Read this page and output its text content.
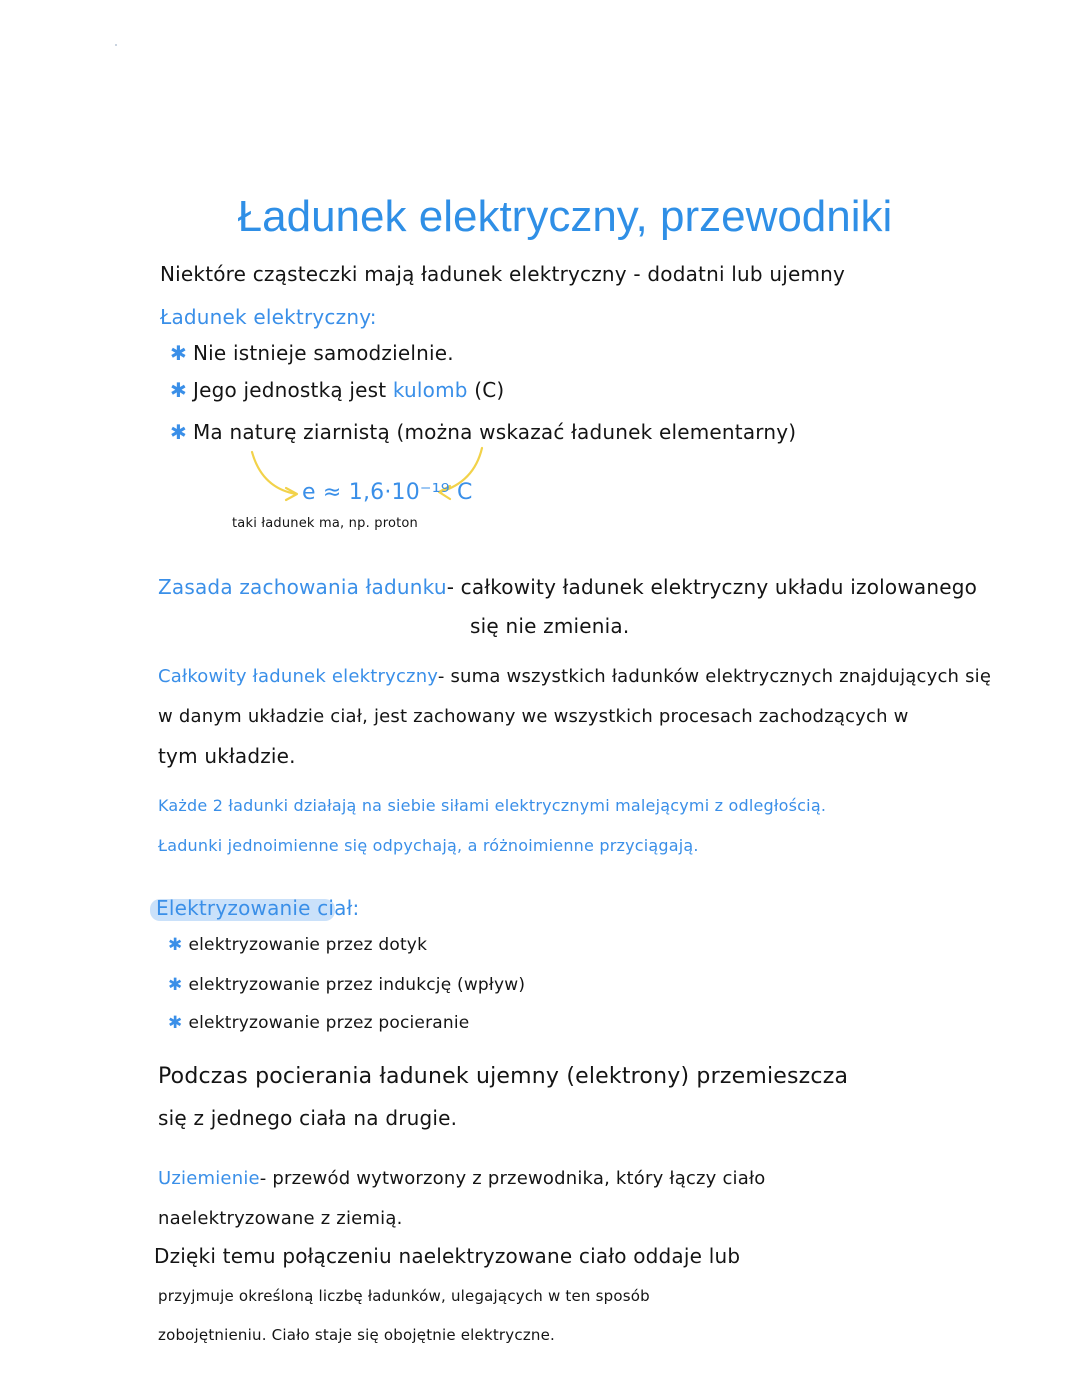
Ładunek elektryczny, przewodniki
Niektóre cząsteczki mają ładunek elektryczny - dodatni lub ujemny
Ładunek elektryczny:
✱ Nie istnieje samodzielnie.
✱ Jego jednostką jest kulomb (C)
✱ Ma naturę ziarnistą (można wskazać ładunek elementarny)
e ≈ 1,6·10⁻¹⁹ C
taki ładunek ma, np. proton
Zasada zachowania ładunku- całkowity ładunek elektryczny układu izolowanego
się nie zmienia.
Całkowity ładunek elektryczny- suma wszystkich ładunków elektrycznych znajdujących się
w danym układzie ciał, jest zachowany we wszystkich procesach zachodzących w
tym układzie.
Każde 2 ładunki działają na siebie siłami elektrycznymi malejącymi z odległością.
Ładunki jednoimienne się odpychają, a różnoimienne przyciągają.
Elektryzowanie ciał:
✱ elektryzowanie przez dotyk
✱ elektryzowanie przez indukcję (wpływ)
✱ elektryzowanie przez pocieranie
Podczas pocierania ładunek ujemny (elektrony) przemieszcza
się z jednego ciała na drugie.
Uziemienie- przewód wytworzony z przewodnika, który łączy ciało
naelektryzowane z ziemią.
Dzięki temu połączeniu naelektryzowane ciało oddaje lub
przyjmuje określoną liczbę ładunków, ulegających w ten sposób
zobojętnieniu. Ciało staje się obojętnie elektryczne.
